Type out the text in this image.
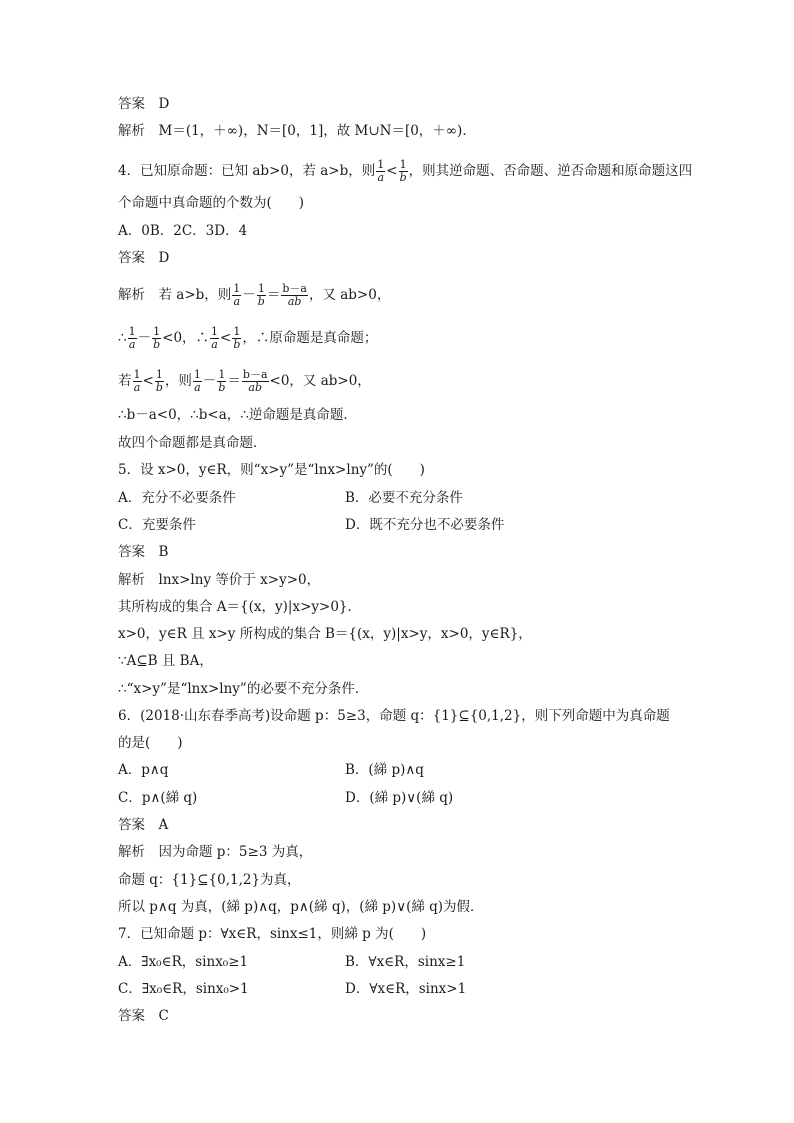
答案　D
解析　M＝(1，＋∞)，N＝[0，1]，故 M∪N＝[0，＋∞)．
4．已知原命题：已知 ab>0，若 a>b，则 $\frac{1}{a} < \frac{1}{b}$ ，则其逆命题、否命题、逆否命题和原命题这四
个命题中真命题的个数为(　　)
A．0B．2C．3D．4
答案　D
解析　若 a>b，则 $\frac{1}{a} - \frac{1}{b} = \frac{b-a}{ab}$ ，又 ab>0，
∴ $\frac{1}{a} - \frac{1}{b} <0$，∴ $\frac{1}{a} < \frac{1}{b}$ ，∴原命题是真命题；
若 $\frac{1}{a} < \frac{1}{b}$ ，则 $\frac{1}{a} - \frac{1}{b} = \frac{b-a}{ab} <0$，又 ab>0，
∴b－a<0，∴b<a，∴逆命题是真命题．
故四个命题都是真命题．
5．设 x>0，y∈R，则“x>y”是“lnx>lny”的(　　)
A．充分不必要条件	B．必要不充分条件
C．充要条件	D．既不充分也不必要条件
答案　B
解析　lnx>lny 等价于 x>y>0，
其所构成的集合 A＝{(x，y)|x>y>0}．
x>0，y∈R 且 x>y 所构成的集合 B＝{(x，y)|x>y，x>0，y∈R}，
∵A⊆B 且 BA，
∴“x>y”是“lnx>lny”的必要不充分条件．
6．(2018·山东春季高考)设命题 p：5≥3，命题 q：{1}⊆{0,1,2}，则下列命题中为真命题
的是(　　)
A．p∧q	B．(綈 p)∧q
C．p∧(綈 q)	D．(綈 p)∨(綈 q)
答案　A
解析　因为命题 p：5≥3 为真，
命题 q：{1}⊆{0,1,2}为真，
所以 p∧q 为真，(綈 p)∧q，p∧(綈 q)，(綈 p)∨(綈 q)为假．
7．已知命题 p：∀x∈R，sinx≤1，则綈 p 为(　　)
A．∃x₀∈R，sinx₀≥1	B．∀x∈R，sinx≥1
C．∃x₀∈R，sinx₀>1	D．∀x∈R，sinx>1
答案　C
